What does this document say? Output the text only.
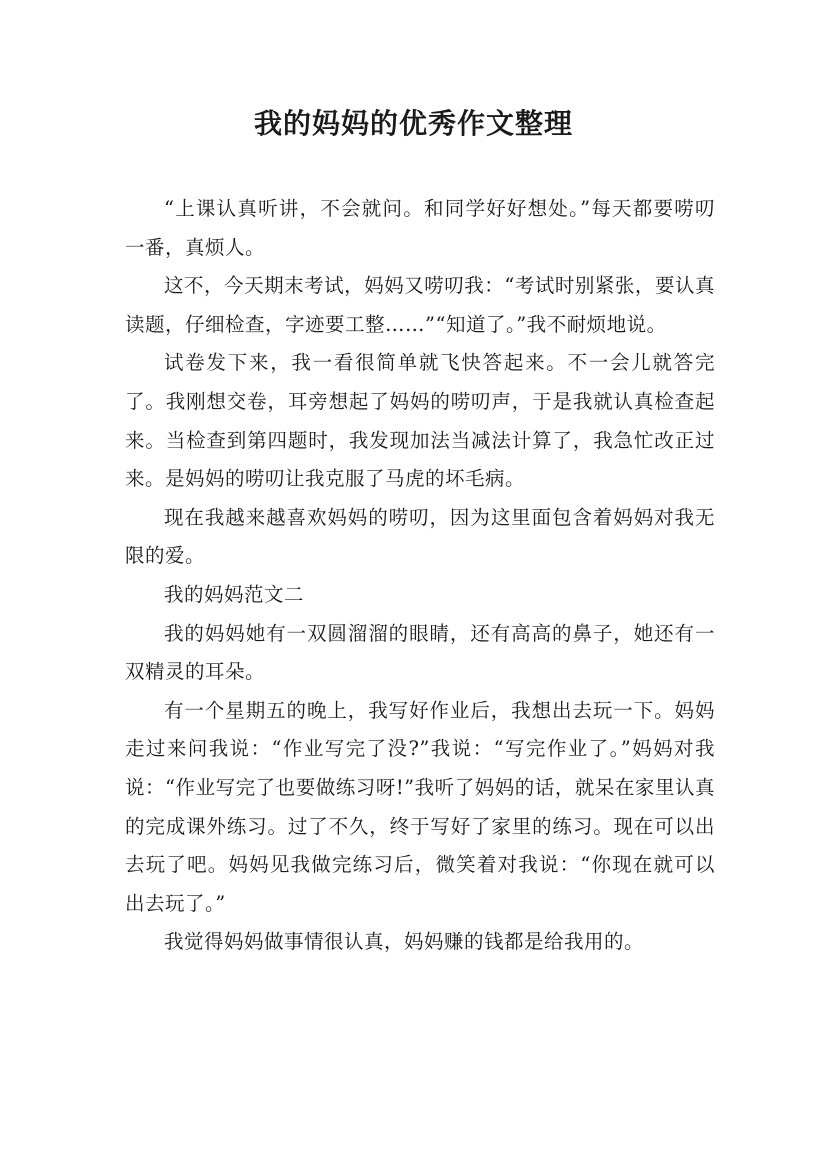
我的妈妈的优秀作文整理

“上课认真听讲，不会就问。和同学好好想处。”每天都要唠叨一番，真烦人。

这不，今天期末考试，妈妈又唠叨我：“考试时别紧张，要认真读题，仔细检查，字迹要工整……”“知道了。”我不耐烦地说。

试卷发下来，我一看很简单就飞快答起来。不一会儿就答完了。我刚想交卷，耳旁想起了妈妈的唠叨声，于是我就认真检查起来。当检查到第四题时，我发现加法当减法计算了，我急忙改正过来。是妈妈的唠叨让我克服了马虎的坏毛病。

现在我越来越喜欢妈妈的唠叨，因为这里面包含着妈妈对我无限的爱。

我的妈妈范文二

我的妈妈她有一双圆溜溜的眼睛，还有高高的鼻子，她还有一双精灵的耳朵。

有一个星期五的晚上，我写好作业后，我想出去玩一下。妈妈走过来问我说：“作业写完了没?”我说：“写完作业了。”妈妈对我说：“作业写完了也要做练习呀!”我听了妈妈的话，就呆在家里认真的完成课外练习。过了不久，终于写好了家里的练习。现在可以出去玩了吧。妈妈见我做完练习后，微笑着对我说：“你现在就可以出去玩了。”

我觉得妈妈做事情很认真，妈妈赚的钱都是给我用的。
